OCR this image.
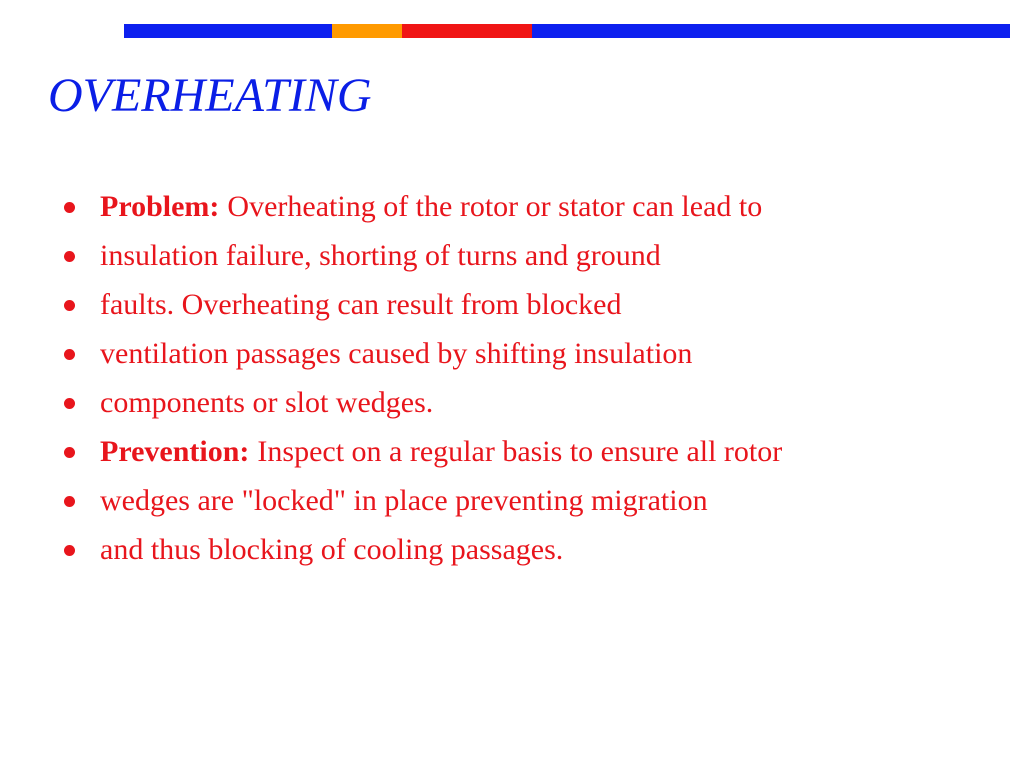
OVERHEATING
Problem: Overheating of the rotor or stator can lead to
insulation failure, shorting of turns and ground
faults. Overheating can result from blocked
ventilation passages caused by shifting insulation
components or slot wedges.
Prevention: Inspect on a regular basis to ensure all rotor
wedges are "locked" in place preventing migration
and thus blocking of cooling passages.
